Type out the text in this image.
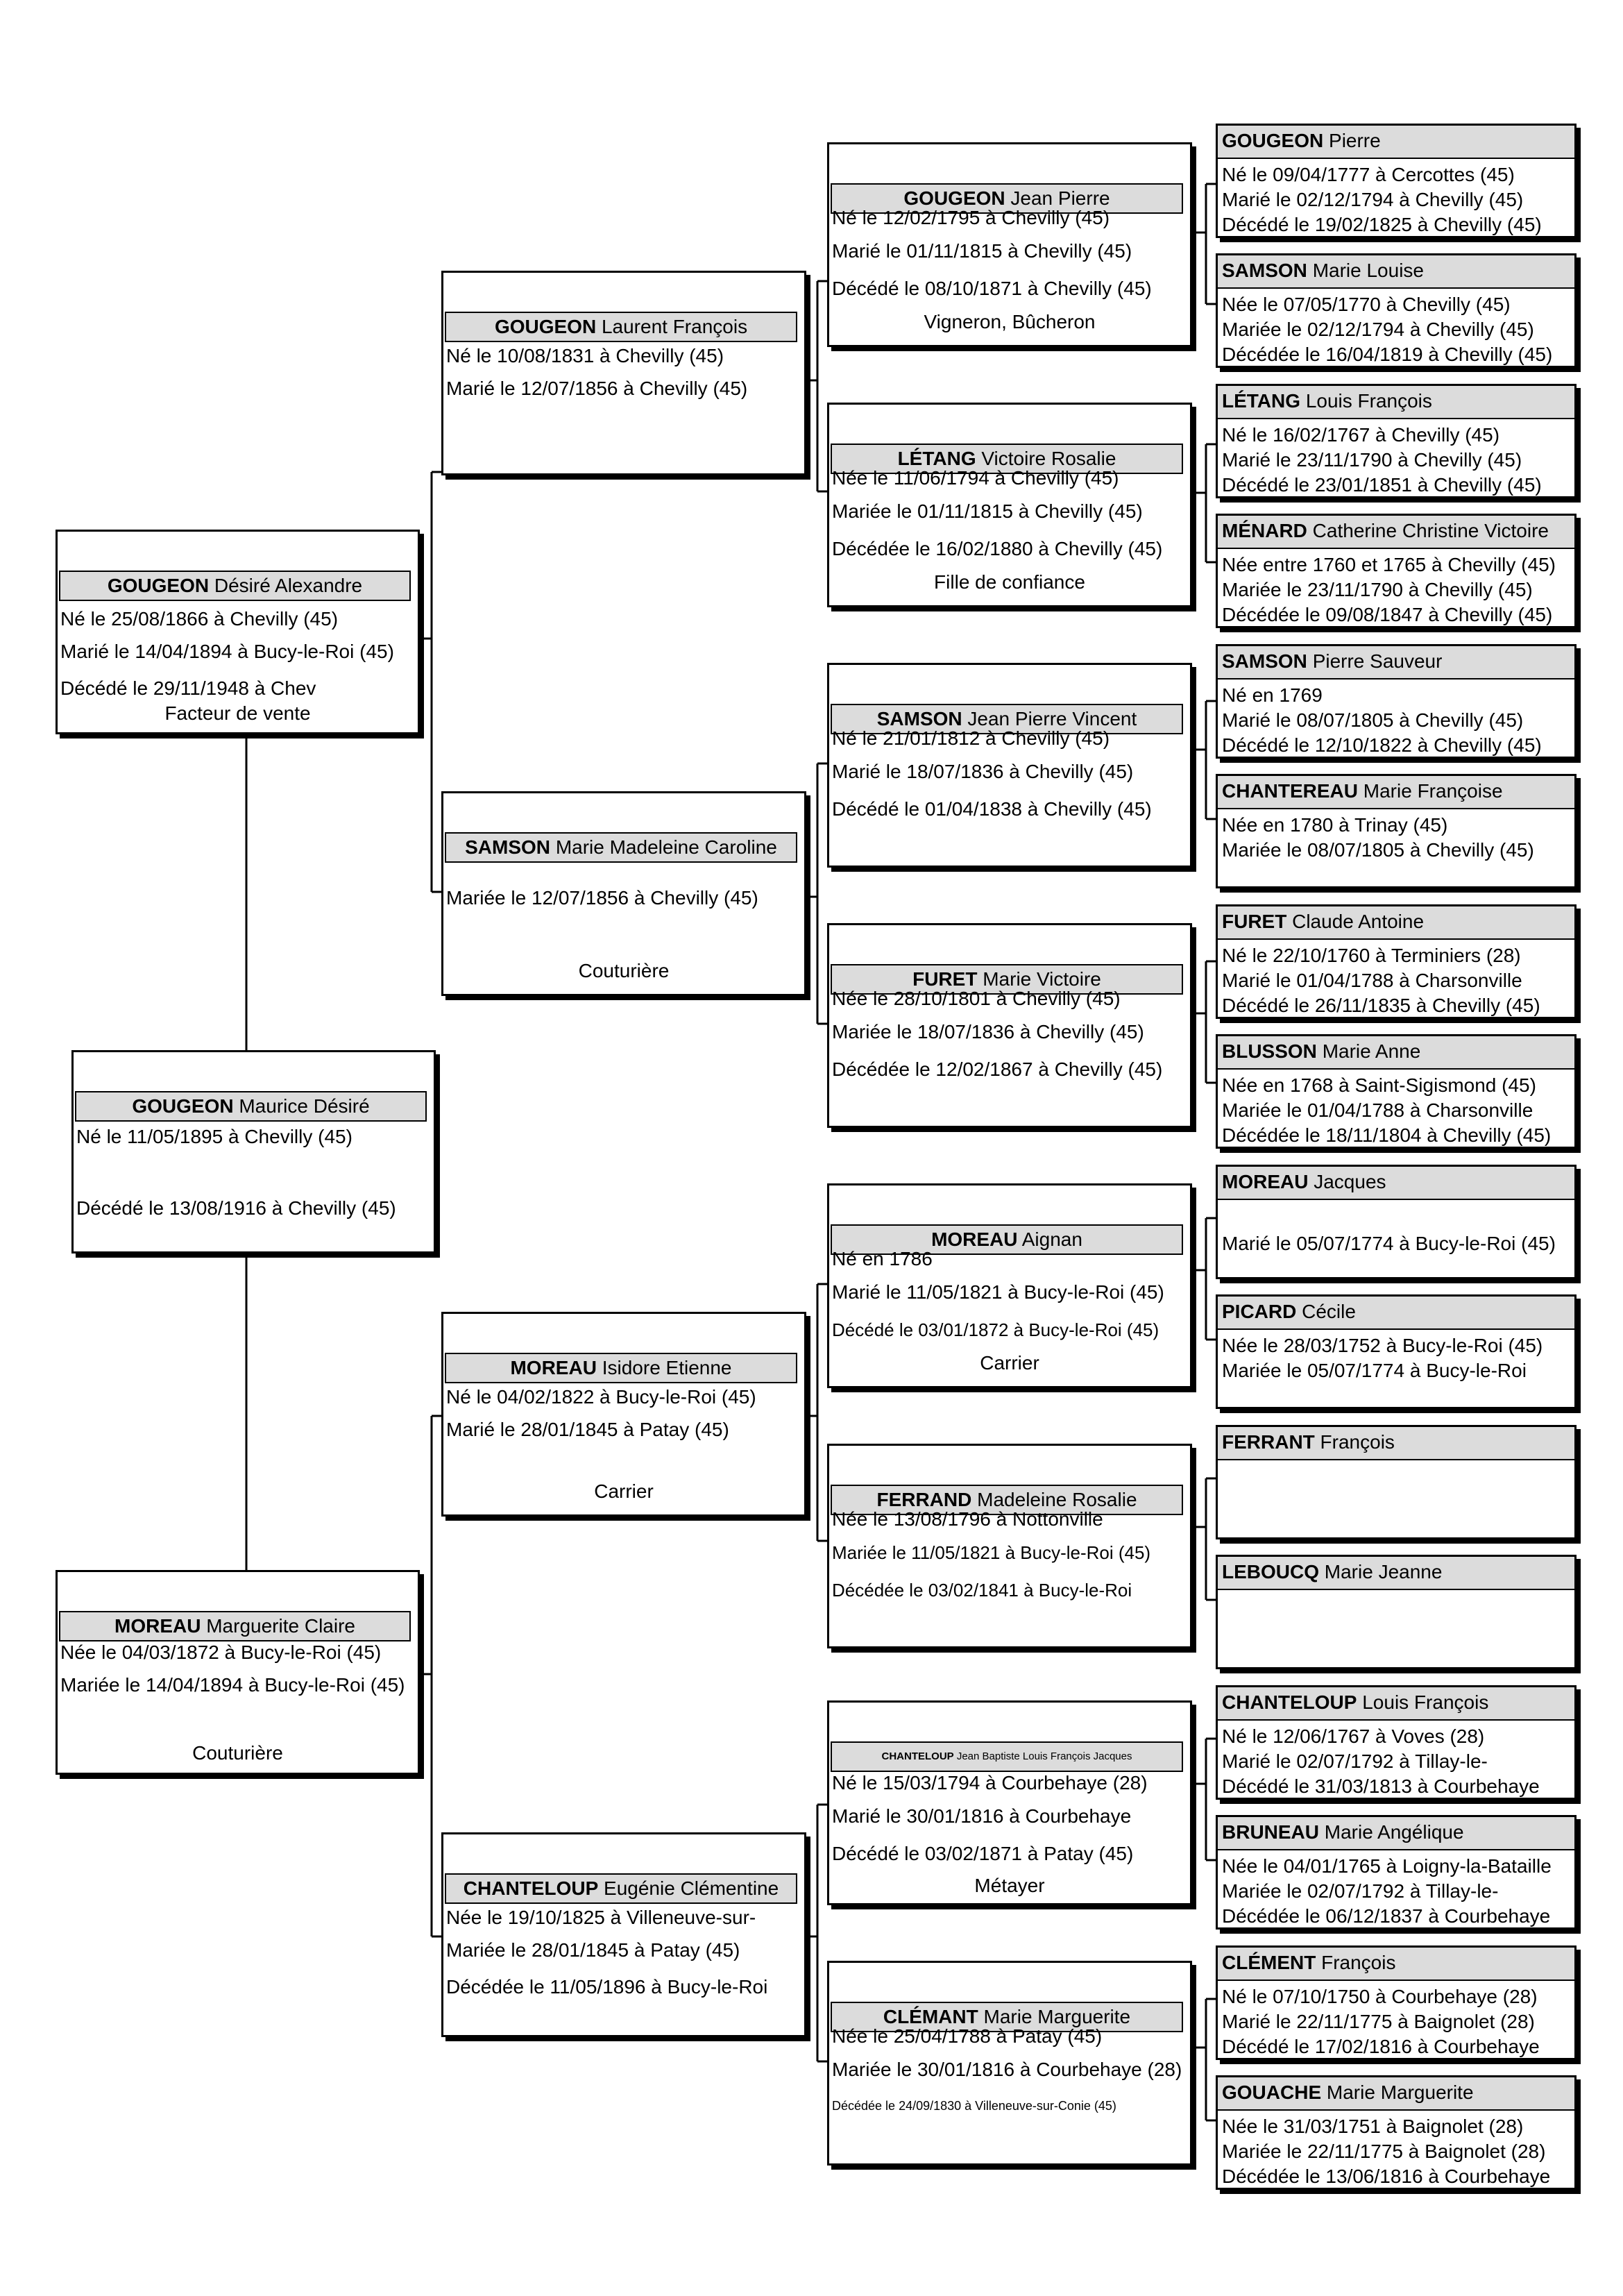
GOUGEON Désiré Alexandre
Né le 25/08/1866 à Chevilly (45)
Marié le 14/04/1894 à Bucy-le-Roi (45)
Décédé le 29/11/1948 à Chev
Facteur de vente
GOUGEON Maurice Désiré
Né le 11/05/1895 à Chevilly (45)
Décédé le 13/08/1916 à Chevilly (45)
MOREAU Marguerite Claire
Née le 04/03/1872 à Bucy-le-Roi (45)
Mariée le 14/04/1894 à Bucy-le-Roi (45)
Couturière
GOUGEON Laurent François
Né le 10/08/1831 à Chevilly (45)
Marié le 12/07/1856 à Chevilly (45)
SAMSON Marie Madeleine Caroline
Mariée le 12/07/1856 à Chevilly (45)
Couturière
MOREAU Isidore Etienne
Né le 04/02/1822 à Bucy-le-Roi (45)
Marié le 28/01/1845 à Patay (45)
Carrier
CHANTELOUP Eugénie Clémentine
Née le 19/10/1825 à Villeneuve-sur-
Mariée le 28/01/1845 à Patay (45)
Décédée le 11/05/1896 à Bucy-le-Roi
GOUGEON Jean Pierre
Né le 12/02/1795 à Chevilly (45)
Marié le 01/11/1815 à Chevilly (45)
Décédé le 08/10/1871 à Chevilly (45)
Vigneron, Bûcheron
LÉTANG Victoire Rosalie
Née le 11/06/1794 à Chevilly (45)
Mariée le 01/11/1815 à Chevilly (45)
Décédée le 16/02/1880 à Chevilly (45)
Fille de confiance
SAMSON Jean Pierre Vincent
Né le 21/01/1812 à Chevilly (45)
Marié le 18/07/1836 à Chevilly (45)
Décédé le 01/04/1838 à Chevilly (45)
FURET Marie Victoire
Née le 28/10/1801 à Chevilly (45)
Mariée le 18/07/1836 à Chevilly (45)
Décédée le 12/02/1867 à Chevilly (45)
MOREAU Aignan
Né en 1786
Marié le 11/05/1821 à Bucy-le-Roi (45)
Décédé le 03/01/1872 à Bucy-le-Roi (45)
Carrier
FERRAND Madeleine Rosalie
Née le 13/08/1796 à Nottonville
Mariée le 11/05/1821 à Bucy-le-Roi (45)
Décédée le 03/02/1841 à Bucy-le-Roi
CHANTELOUP Jean Baptiste Louis François Jacques
Né le 15/03/1794 à Courbehaye (28)
Marié le 30/01/1816 à Courbehaye
Décédé le 03/02/1871 à Patay (45)
Métayer
CLÉMANT Marie Marguerite
Née le 25/04/1788 à Patay (45)
Mariée le 30/01/1816 à Courbehaye (28)
Décédée le 24/09/1830 à Villeneuve-sur-Conie (45)
GOUGEON Pierre
Né le 09/04/1777 à Cercottes (45)
Marié le 02/12/1794 à Chevilly (45)
Décédé le 19/02/1825 à Chevilly (45)
SAMSON Marie Louise
Née le 07/05/1770 à Chevilly (45)
Mariée le 02/12/1794 à Chevilly (45)
Décédée le 16/04/1819 à Chevilly (45)
LÉTANG Louis François
Né le 16/02/1767 à Chevilly (45)
Marié le 23/11/1790 à Chevilly (45)
Décédé le 23/01/1851 à Chevilly (45)
MÉNARD Catherine Christine Victoire
Née entre 1760 et 1765 à Chevilly (45)
Mariée le 23/11/1790 à Chevilly (45)
Décédée le 09/08/1847 à Chevilly (45)
SAMSON Pierre Sauveur
Né en 1769
Marié le 08/07/1805 à Chevilly (45)
Décédé le 12/10/1822 à Chevilly (45)
CHANTEREAU Marie Françoise
Née en 1780 à Trinay (45)
Mariée le 08/07/1805 à Chevilly (45)
FURET Claude Antoine
Né le 22/10/1760 à Terminiers (28)
Marié le 01/04/1788 à Charsonville
Décédé le 26/11/1835 à Chevilly (45)
BLUSSON Marie Anne
Née en 1768 à Saint-Sigismond (45)
Mariée le 01/04/1788 à Charsonville
Décédée le 18/11/1804 à Chevilly (45)
MOREAU Jacques
Marié le 05/07/1774 à Bucy-le-Roi (45)
PICARD Cécile
Née le 28/03/1752 à Bucy-le-Roi (45)
Mariée le 05/07/1774 à Bucy-le-Roi
FERRANT François
LEBOUCQ Marie Jeanne
CHANTELOUP Louis François
Né le 12/06/1767 à Voves (28)
Marié le 02/07/1792 à Tillay-le-
Décédé le 31/03/1813 à Courbehaye
BRUNEAU Marie Angélique
Née le 04/01/1765 à Loigny-la-Bataille
Mariée le 02/07/1792 à Tillay-le-
Décédée le 06/12/1837 à Courbehaye
CLÉMENT François
Né le 07/10/1750 à Courbehaye (28)
Marié le 22/11/1775 à Baignolet (28)
Décédé le 17/02/1816 à Courbehaye
GOUACHE Marie Marguerite
Née le 31/03/1751 à Baignolet (28)
Mariée le 22/11/1775 à Baignolet (28)
Décédée le 13/06/1816 à Courbehaye
